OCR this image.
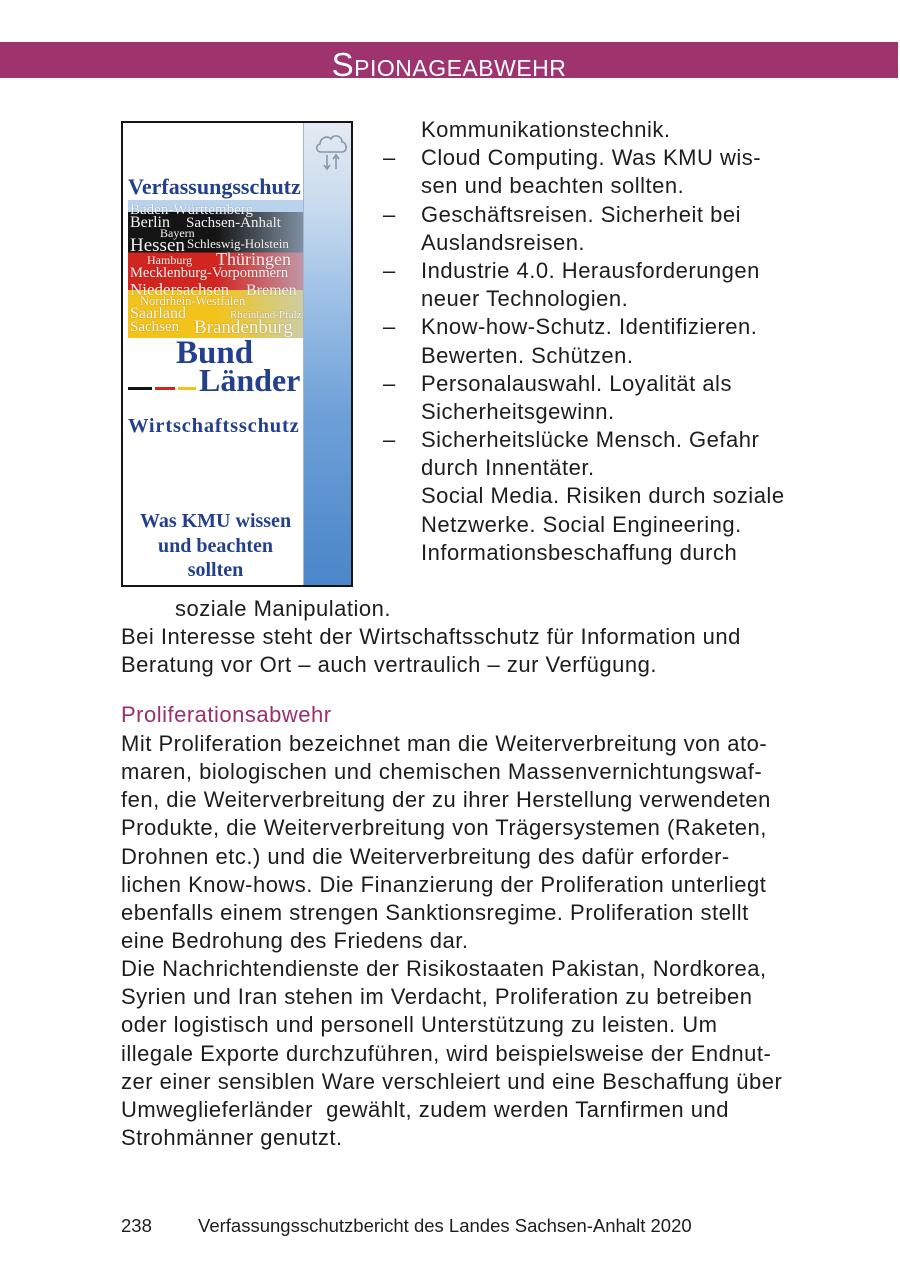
Spionageabwehr
Cloud Computing
Verfassungsschutz
Baden-Württemberg
Berlin Sachsen-Anhalt
Bayern
Hessen Schleswig-Holstein
Hamburg Thüringen
Mecklenburg-Vorpommern
Niedersachsen Bremen
Nordrhein-Westfalen
Saarland	Rheinland-Pfalz
Sachsen Brandenburg
Bund
Länder
Wirtschaftsschutz
Was KMU wissen
und beachten
sollten
Kommunikationstechnik.
– Cloud Computing. Was KMU wis-
sen und beachten sollten.
– Geschäftsreisen. Sicherheit bei
Auslandsreisen.
– Industrie 4.0. Herausforderungen
neuer Technologien.
– Know-how-Schutz. Identifizieren.
Bewerten. Schützen.
– Personalauswahl. Loyalität als
Sicherheitsgewinn.
– Sicherheitslücke Mensch. Gefahr
durch Innentäter.
Social Media. Risiken durch soziale
Netzwerke. Social Engineering.
Informationsbeschaffung durch
soziale Manipulation.
Bei Interesse steht der Wirtschaftsschutz für Information und
Beratung vor Ort – auch vertraulich – zur Verfügung.
Proliferationsabwehr
Mit Proliferation bezeichnet man die Weiterverbreitung von ato-
maren, biologischen und chemischen Massenvernichtungswaf-
fen, die Weiterverbreitung der zu ihrer Herstellung verwendeten
Produkte, die Weiterverbreitung von Trägersystemen (Raketen,
Drohnen etc.) und die Weiterverbreitung des dafür erforder-
lichen Know-hows. Die Finanzierung der Proliferation unterliegt
ebenfalls einem strengen Sanktionsregime. Proliferation stellt
eine Bedrohung des Friedens dar.
Die Nachrichtendienste der Risikostaaten Pakistan, Nordkorea,
Syrien und Iran stehen im Verdacht, Proliferation zu betreiben
oder logistisch und personell Unterstützung zu leisten. Um
illegale Exporte durchzuführen, wird beispielsweise der Endnut-
zer einer sensiblen Ware verschleiert und eine Beschaffung über
Umweglieferländer  gewählt, zudem werden Tarnfirmen und
Strohmänner genutzt.
238 Verfassungsschutzbericht des Landes Sachsen-Anhalt 2020
